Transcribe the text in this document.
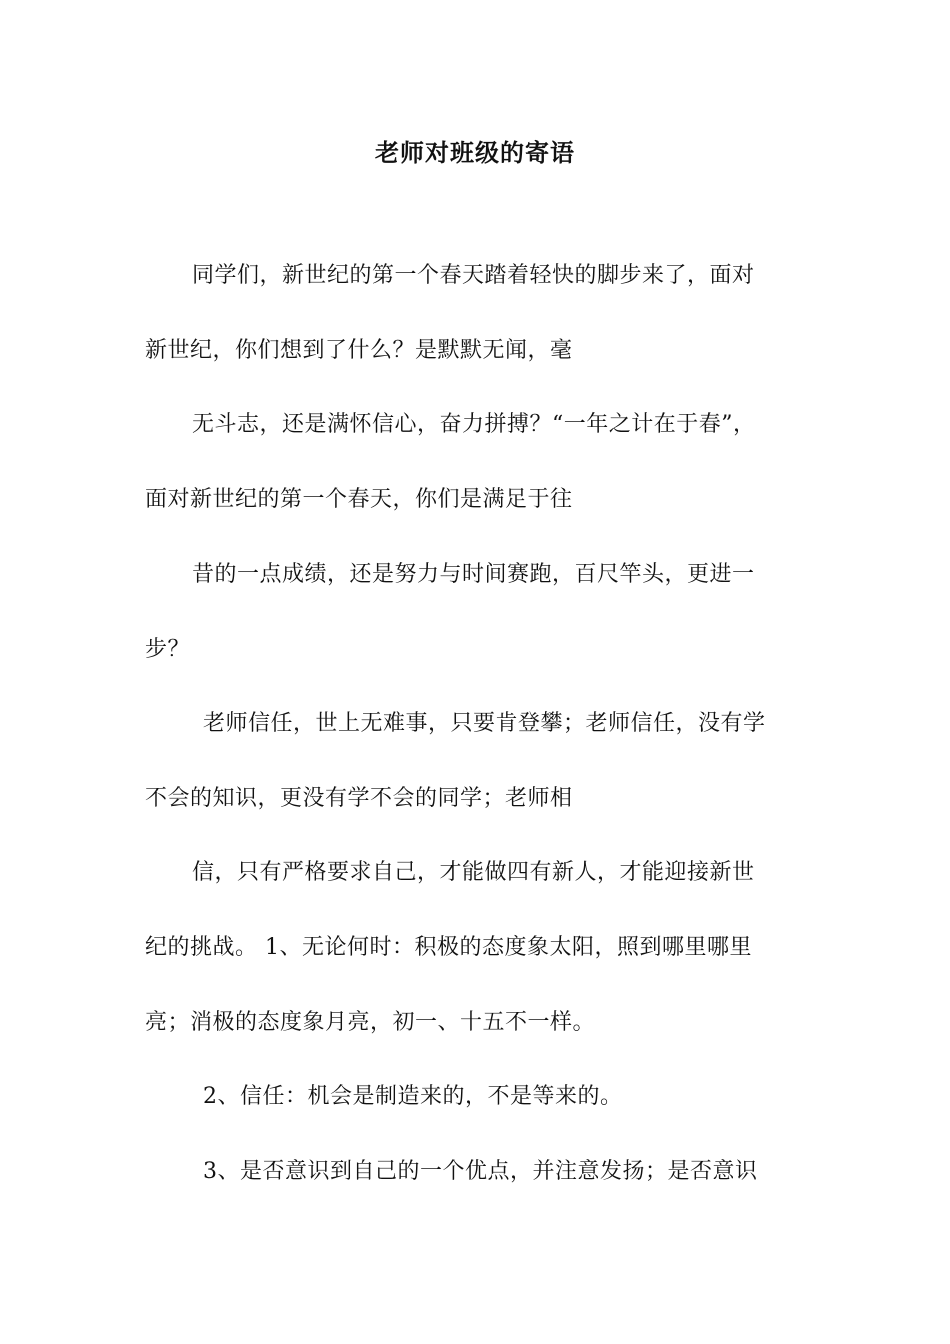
老师对班级的寄语
同学们，新世纪的第一个春天踏着轻快的脚步来了，面对
新世纪，你们想到了什么？是默默无闻，毫
无斗志，还是满怀信心，奋力拼搏？“一年之计在于春”，
面对新世纪的第一个春天，你们是满足于往
昔的一点成绩，还是努力与时间赛跑，百尺竿头，更进一
步？
老师信任，世上无难事，只要肯登攀；老师信任，没有学
不会的知识，更没有学不会的同学；老师相
信，只有严格要求自己，才能做四有新人，才能迎接新世
纪的挑战。 1、无论何时：积极的态度象太阳，照到哪里哪里
亮；消极的态度象月亮，初一、十五不一样。
2、信任：机会是制造来的，不是等来的。
3、是否意识到自己的一个优点，并注意发扬；是否意识
